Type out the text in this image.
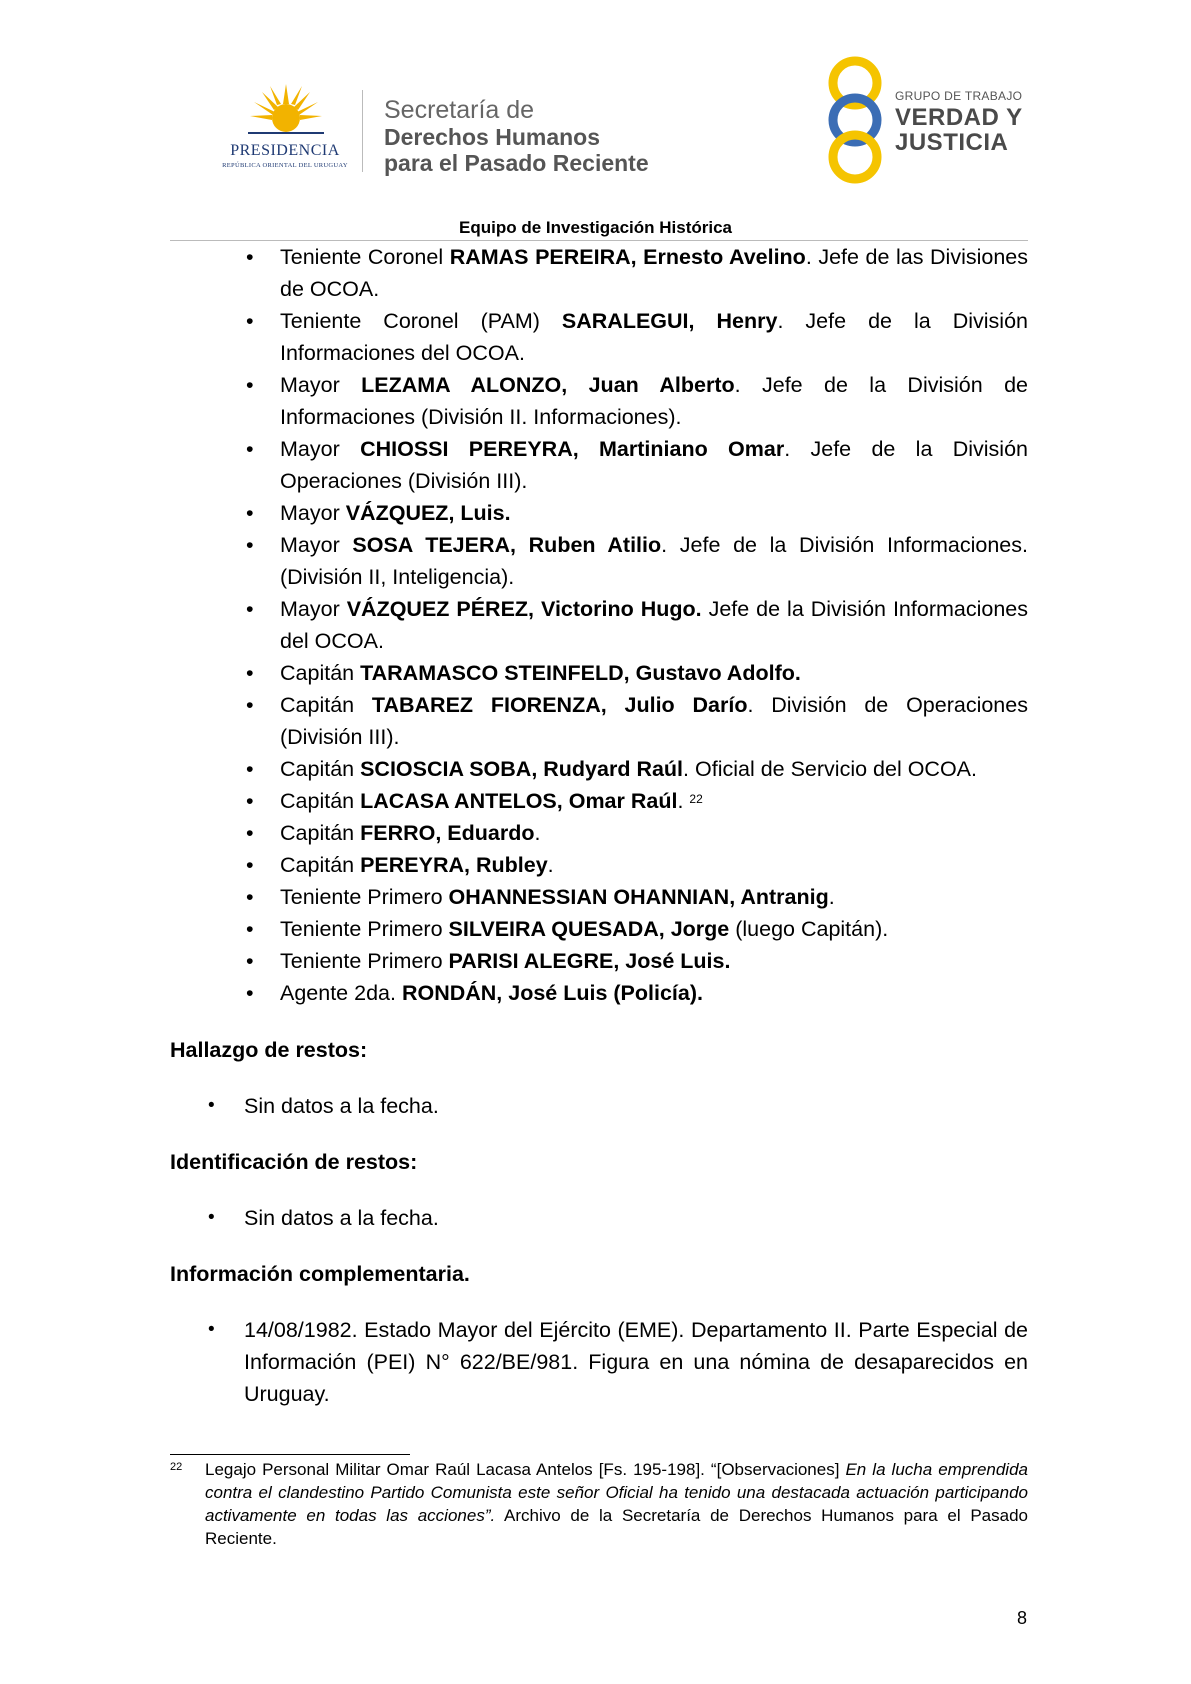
PRESIDENCIA
REPÚBLICA ORIENTAL DEL URUGUAY
Secretaría de
Derechos Humanos
para el Pasado Reciente
GRUPO DE TRABAJO
VERDAD Y
JUSTICIA
Equipo de Investigación Histórica
• Teniente Coronel RAMAS PEREIRA, Ernesto Avelino. Jefe de las Divisiones de OCOA.
• Teniente Coronel (PAM) SARALEGUI, Henry. Jefe de la División Informaciones del OCOA.
• Mayor LEZAMA ALONZO, Juan Alberto. Jefe de la División de Informaciones (División II. Informaciones).
• Mayor CHIOSSI PEREYRA, Martiniano Omar. Jefe de la División Operaciones (División III).
• Mayor VÁZQUEZ, Luis.
• Mayor SOSA TEJERA, Ruben Atilio. Jefe de la División Informaciones. (División II, Inteligencia).
• Mayor VÁZQUEZ PÉREZ, Victorino Hugo. Jefe de la División Informaciones del OCOA.
• Capitán TARAMASCO STEINFELD, Gustavo Adolfo.
• Capitán TABAREZ FIORENZA, Julio Darío. División de Operaciones (División III).
• Capitán SCIOSCIA SOBA, Rudyard Raúl. Oficial de Servicio del OCOA.
• Capitán LACASA ANTELOS, Omar Raúl. $^{22}$
• Capitán FERRO, Eduardo.
• Capitán PEREYRA, Rubley.
• Teniente Primero OHANNESSIAN OHANNIAN, Antranig.
• Teniente Primero SILVEIRA QUESADA, Jorge (luego Capitán).
• Teniente Primero PARISI ALEGRE, José Luis.
• Agente 2da. RONDÁN, José Luis (Policía).
Hallazgo de restos:
• Sin datos a la fecha.
Identificación de restos:
• Sin datos a la fecha.
Información complementaria.
• 14/08/1982. Estado Mayor del Ejército (EME). Departamento II. Parte Especial de Información (PEI) N° 622/BE/981. Figura en una nómina de desaparecidos en Uruguay.
22 Legajo Personal Militar Omar Raúl Lacasa Antelos [Fs. 195-198]. “[Observaciones] En la lucha emprendida contra el clandestino Partido Comunista este señor Oficial ha tenido una destacada actuación participando activamente en todas las acciones”. Archivo de la Secretaría de Derechos Humanos para el Pasado Reciente.
8
